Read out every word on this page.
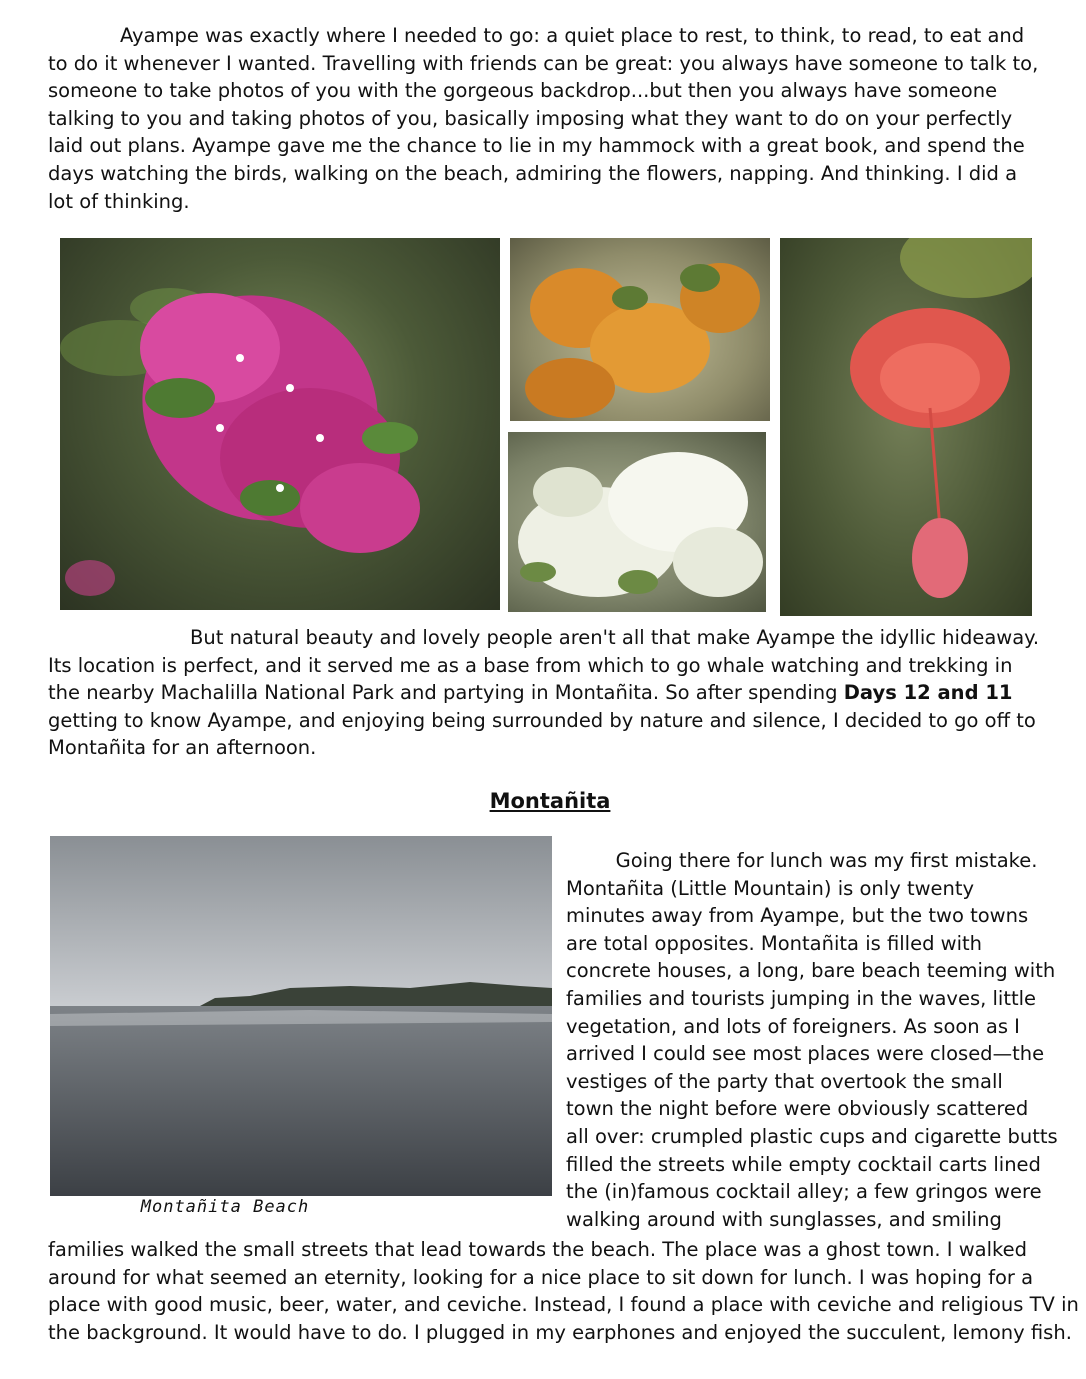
Ayampe was exactly where I needed to go: a quiet place to rest, to think, to read, to eat and to do it whenever I wanted. Travelling with friends can be great: you always have someone to talk to, someone to take photos of you with the gorgeous backdrop...but then you always have someone talking to you and taking photos of you, basically imposing what they want to do on your perfectly laid out plans. Ayampe gave me the chance to lie in my hammock with a great book, and spend the days watching the birds, walking on the beach, admiring the flowers, napping. And thinking. I did a lot of thinking.

But natural beauty and lovely people aren't all that make Ayampe the idyllic hideaway. Its location is perfect, and it served me as a base from which to go whale watching and trekking in the nearby Machalilla National Park and partying in Montañita. So after spending Days 12 and 11 getting to know Ayampe, and enjoying being surrounded by nature and silence, I decided to go off to Montañita for an afternoon.

Montañita

Montañita Beach

Going there for lunch was my first mistake.

Montañita (Little Mountain) is only twenty

minutes away from Ayampe, but the two towns

are total opposites. Montañita is filled with

concrete houses, a long, bare beach teeming with

families and tourists jumping in the waves, little

vegetation, and lots of foreigners. As soon as I

arrived I could see most places were closed—the

vestiges of the party that overtook the small

town the night before were obviously scattered

all over: crumpled plastic cups and cigarette butts

filled the streets while empty cocktail carts lined

the (in)famous cocktail alley; a few gringos were

walking around with sunglasses, and smiling

families walked the small streets that lead towards the beach. The place was a ghost town. I walked

around for what seemed an eternity, looking for a nice place to sit down for lunch. I was hoping for a

place with good music, beer, water, and ceviche. Instead, I found a place with ceviche and religious TV in

the background. It would have to do. I plugged in my earphones and enjoyed the succulent, lemony fish.
